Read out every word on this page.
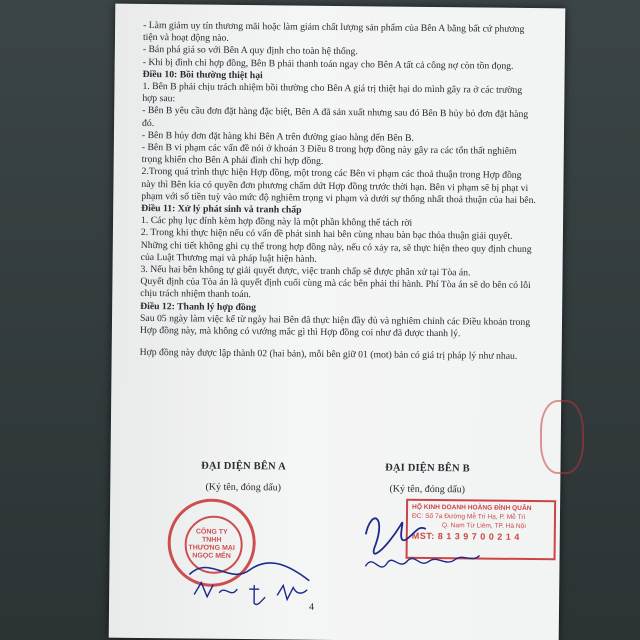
- Làm giảm uy tín thương mãi hoặc làm giảm chất lượng sản phẩm của Bên A bằng bất cứ phương tiện và hoạt động nào.

- Bán phá giá so với Bên A quy định cho toàn hệ thống.

- Khi bị đình chỉ hợp đồng, Bên B phải thanh toán ngay cho Bên A tất cả công nợ còn tồn đọng.

Điều 10: Bồi thường thiệt hại

1. Bên B phải chịu trách nhiệm bồi thường cho Bên A giá trị thiệt hại do mình gây ra ở các trường hợp sau:

- Bên B yêu cầu đơn đặt hàng đặc biệt, Bên A đã sản xuất nhưng sau đó Bên B hủy bỏ đơn đặt hàng đó.

- Bên B hủy đơn đặt hàng khi Bên A trên đường giao hàng đến Bên B.

- Bên B vi phạm các vấn đề nói ở khoản 3 Điều 8 trong hợp đồng này gây ra các tổn thất nghiêm trọng khiến cho Bên A phải đình chỉ hợp đồng.

2.Trong quá trình thực hiện Hợp đồng, một trong các Bên vi phạm các thoả thuận trong Hợp đồng này thì Bên kia có quyền đơn phương chấm dứt Hợp đồng trước thời hạn. Bên vi phạm sẽ bị phạt vi phạm với số tiền tuỳ vào mức độ nghiêm trọng vi phạm và dưới sự thống nhất thoả thuận của hai bên.

Điều 11: Xử lý phát sinh và tranh chấp

1. Các phụ lục đính kèm hợp đồng này là một phần không thể tách rời

2. Trong khi thực hiện nếu có vấn đề phát sinh hai bên cùng nhau bàn bạc thỏa thuận giải quyết. Những chi tiết không ghi cụ thể trong hợp đồng này, nếu có xảy ra, sẽ thực hiện theo quy định chung của Luật Thương mại và pháp luật hiện hành.

3. Nếu hai bên không tự giải quyết được, việc tranh chấp sẽ được phân xử tại Tòa án.

Quyết định của Tòa án là quyết định cuối cùng mà các bên phải thi hành. Phí Tòa án sẽ do bên có lỗi chịu trách nhiệm thanh toán.

Điều 12: Thanh lý hợp đồng

Sau 05 ngày làm việc kể từ ngày hai Bên đã thực hiện đầy đủ và nghiêm chỉnh các Điều khoản trong Hợp đồng này, mà không có vướng mắc gì thì Hợp đồng coi như đã được thanh lý.

Hợp đồng này được lập thành 02 (hai bản), mỗi bên giữ 01 (mot) bản có giá trị pháp lý như nhau.

ĐẠI DIỆN BÊN A
(Ký tên, đóng dấu)
ĐẠI DIỆN BÊN B
(Ký tên, đóng dấu)
CÔNG TY
TNHH
THƯƠNG MẠI
NGỌC MẾN
HỘ KINH DOANH HOÀNG ĐÌNH QUÂN
ĐC: Số 7a Đường Mễ Trì Hạ, P. Mễ Trì
Q. Nam Từ Liêm, TP. Hà Nội
MST: 8 1 3 9 7 0 0 2 1 4
4
